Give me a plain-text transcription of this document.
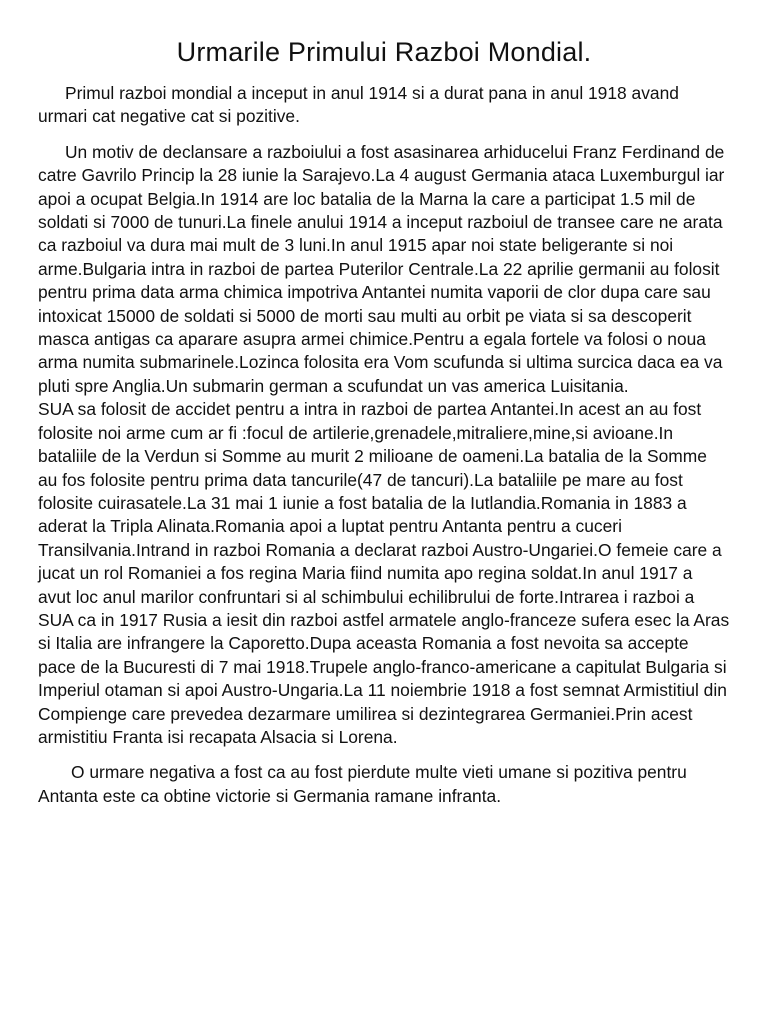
Urmarile Primului Razboi Mondial.

Primul razboi mondial a inceput in anul 1914 si a durat pana in anul 1918 avand urmari cat negative cat si pozitive.

Un motiv de declansare a razboiului a fost asasinarea arhiducelui Franz Ferdinand de catre Gavrilo Princip la 28 iunie la Sarajevo.La 4 august Germania ataca Luxemburgul iar apoi a ocupat Belgia.In 1914 are loc batalia de la Marna la care a participat 1.5 mil de soldati si 7000 de tunuri.La finele anului 1914 a inceput razboiul de transee care ne arata ca razboiul va dura mai mult de 3 luni.In anul 1915 apar noi state beligerante si noi arme.Bulgaria intra in razboi de partea Puterilor Centrale.La 22 aprilie germanii au folosit pentru prima data arma chimica impotriva Antantei numita vaporii de clor dupa care sau intoxicat 15000 de soldati si 5000 de morti sau multi au orbit pe viata si sa descoperit masca antigas ca aparare asupra armei chimice.Pentru a egala fortele va folosi o noua arma numita submarinele.Lozinca folosita era Vom scufunda si ultima surcica daca ea va pluti spre Anglia.Un submarin german a scufundat un vas america Luisitania.

SUA sa folosit de accidet pentru a intra in razboi de partea Antantei.In acest an au fost folosite noi arme cum ar fi :focul de artilerie,grenadele,mitraliere,mine,si avioane.In bataliile de la Verdun si Somme au murit 2 milioane de oameni.La batalia de la Somme au fos folosite pentru prima data tancurile(47 de tancuri).La bataliile pe mare au fost folosite cuirasatele.La 31 mai 1 iunie a fost batalia de la Iutlandia.Romania in 1883 a aderat la Tripla Alinata.Romania apoi a luptat pentru Antanta pentru a cuceri Transilvania.Intrand in razboi Romania a declarat razboi Austro-Ungariei.O femeie care a jucat un rol Romaniei a fos regina Maria fiind numita apo regina soldat.In anul 1917 a avut loc anul marilor confruntari si al schimbului echilibrului de forte.Intrarea i razboi a SUA ca in 1917 Rusia a iesit din razboi astfel armatele anglo-franceze sufera esec la Aras si Italia are infrangere la Caporetto.Dupa aceasta Romania a fost nevoita sa accepte pace de la Bucuresti di 7 mai 1918.Trupele anglo-franco-americane a capitulat Bulgaria si Imperiul otaman si apoi Austro-Ungaria.La 11 noiembrie 1918 a fost semnat Armistitiul din Compienge care prevedea dezarmare umilirea si dezintegrarea Germaniei.Prin acest armistitiu Franta isi recapata Alsacia si Lorena.

O urmare negativa a fost ca au fost pierdute multe vieti umane si pozitiva pentru Antanta este ca obtine victorie si Germania ramane infranta.
